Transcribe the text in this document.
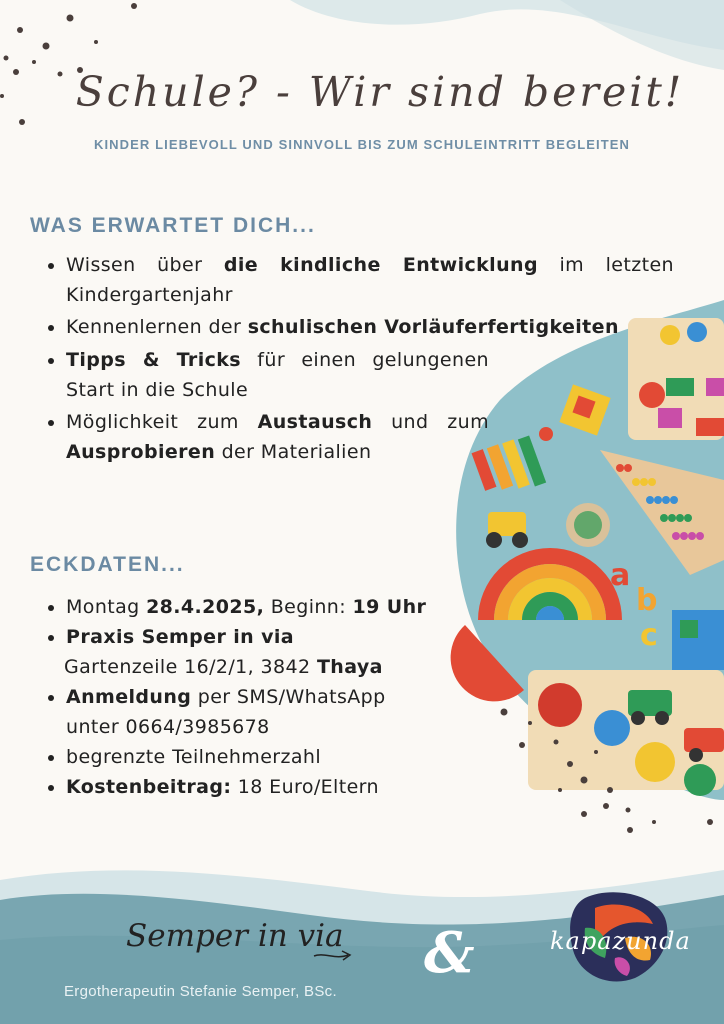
a
b
c
Schule? - Wir sind bereit!
KINDER LIEBEVOLL UND SINNVOLL BIS ZUM SCHULEINTRITT BEGLEITEN
WAS ERWARTET DICH...
Wissen über die kindliche Entwicklung im letzten Kindergartenjahr
Kennenlernen der schulischen Vorläuferfertigkeiten
Tipps & Tricks für einen gelungenen Start in die Schule
Möglichkeit zum Austausch und zum Ausprobieren der Materialien
ECKDATEN...
Montag 28.4.2025, Beginn: 19 Uhr
Praxis Semper in via
Gartenzeile 16/2/1, 3842 Thaya
Anmeldung per SMS/WhatsApp
unter 0664/3985678
begrenzte Teilnehmerzahl
Kostenbeitrag: 18 Euro/Eltern
Semper in via
Ergotherapeutin Stefanie Semper, BSc.
&	kapazunda
